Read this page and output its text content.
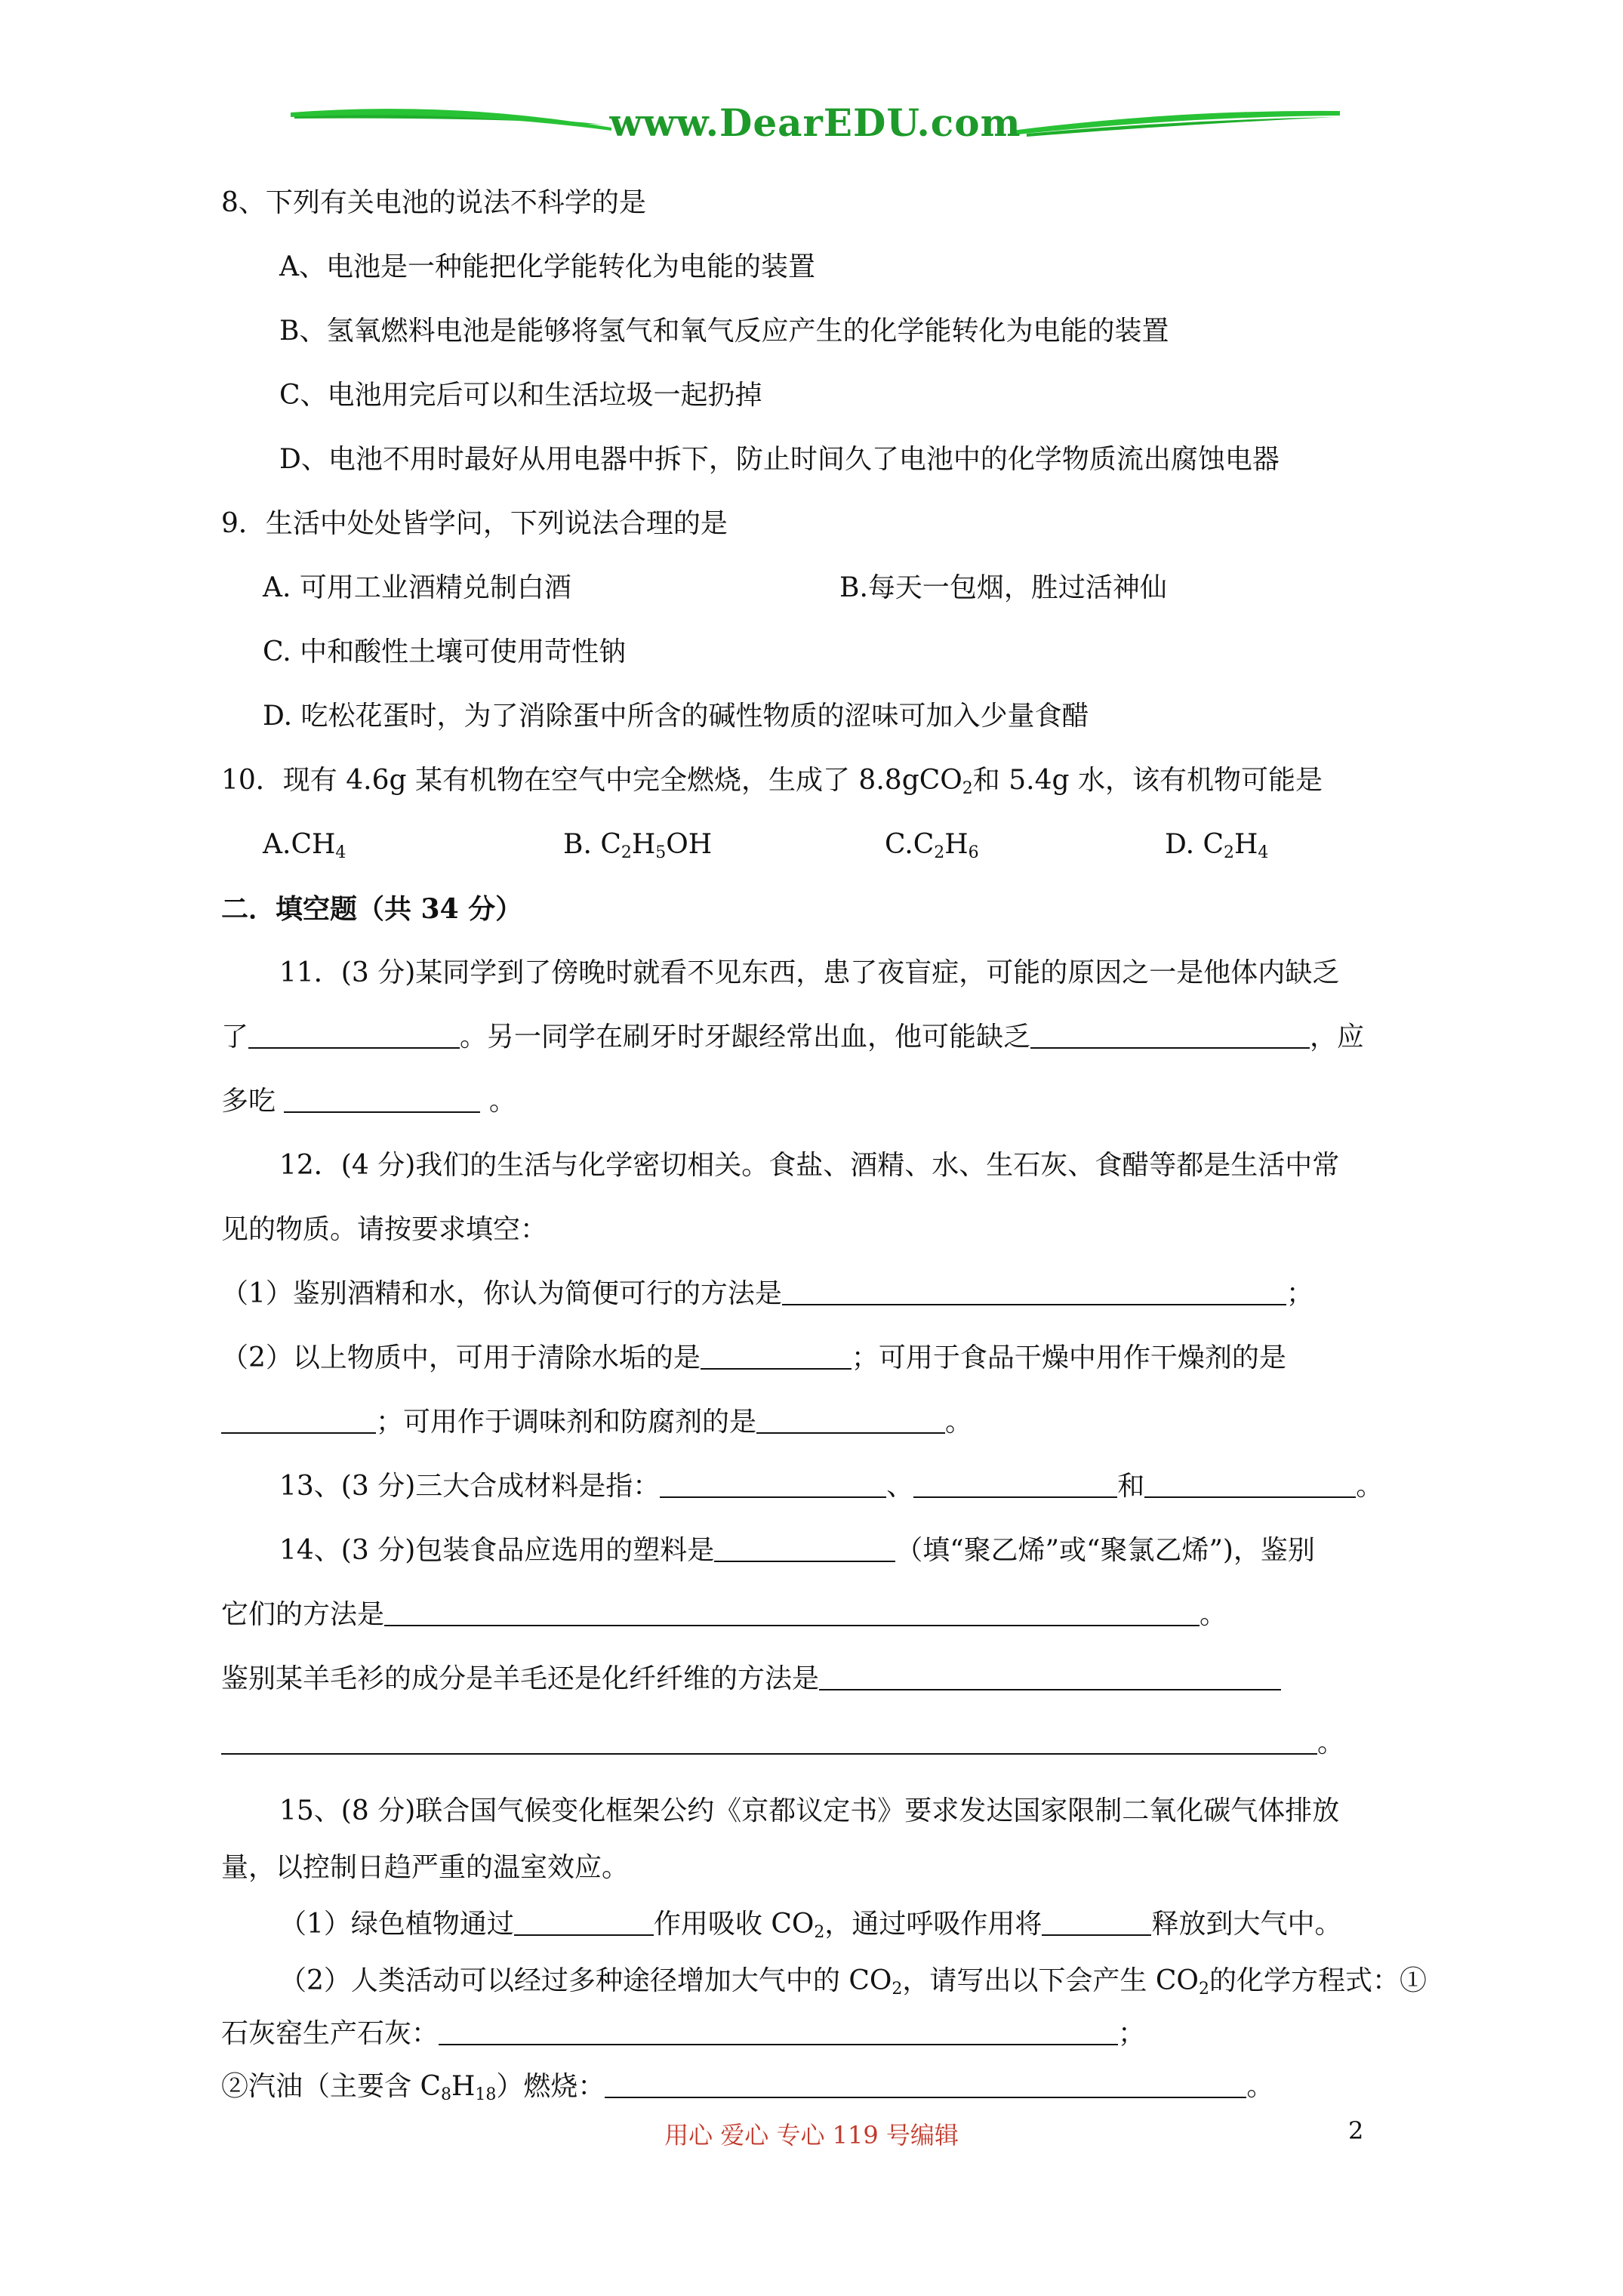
www.DearEDU.com
8、下列有关电池的说法不科学的是
A、电池是一种能把化学能转化为电能的装置
B、氢氧燃料电池是能够将氢气和氧气反应产生的化学能转化为电能的装置
C、电池用完后可以和生活垃圾一起扔掉
D、电池不用时最好从用电器中拆下，防止时间久了电池中的化学物质流出腐蚀电器
9．生活中处处皆学问，下列说法合理的是
A. 可用工业酒精兑制白酒	B.每天一包烟，胜过活神仙
C. 中和酸性土壤可使用苛性钠
D. 吃松花蛋时，为了消除蛋中所含的碱性物质的涩味可加入少量食醋
10．现有 4.6g 某有机物在空气中完全燃烧，生成了 8.8gCO$_2$和 5.4g 水，该有机物可能是
$A.CH_4$	B. $C_2H_5OH$	$C.C_2H_6$	D. $C_2H_4$
二．填空题（共 34 分）
11．(3 分)某同学到了傍晚时就看不见东西，患了夜盲症，可能的原因之一是他体内缺乏
了	。另一同学在刷牙时牙龈经常出血，他可能缺乏	，应
多吃	。
12．(4 分)我们的生活与化学密切相关。食盐、酒精、水、生石灰、食醋等都是生活中常
见的物质。请按要求填空：
（1）鉴别酒精和水，你认为简便可行的方法是	；
（2）以上物质中，可用于清除水垢的是	；可用于食品干燥中用作干燥剂的是
；可用作于调味剂和防腐剂的是	。
13、(3 分)三大合成材料是指：	、	和	。
14、(3 分)包装食品应选用的塑料是	（填“聚乙烯”或“聚氯乙烯”)，鉴别
它们的方法是	。
鉴别某羊毛衫的成分是羊毛还是化纤纤维的方法是
。
15、(8 分)联合国气候变化框架公约《京都议定书》要求发达国家限制二氧化碳气体排放
量，以控制日趋严重的温室效应。
（1）绿色植物通过	作用吸收 $CO_2$，通过呼吸作用将	释放到大气中。
（2）人类活动可以经过多种途径增加大气中的 $CO_2$，请写出以下会产生 $CO_2$的化学方程式：①
石灰窑生产石灰：	；
②汽油（主要含 $C_8H_{18}$）燃烧：	。
用心 爱心 专心 119 号编辑	2
